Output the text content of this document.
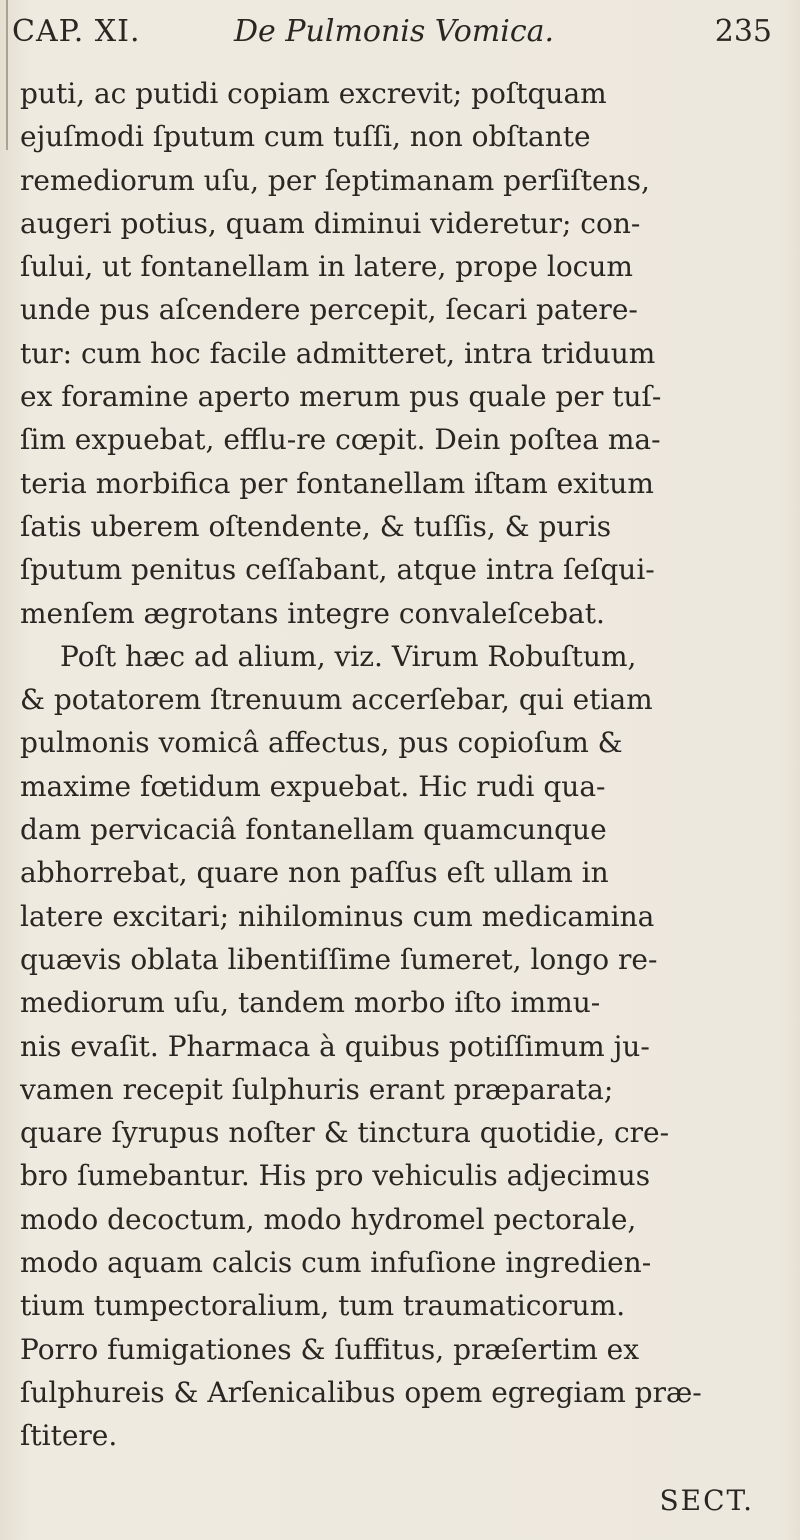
CAP. XI.	De Pulmonis Vomica.	235
puti, ac putidi copiam excrevit; poſtquam
ejuſmodi ſputum cum tuſſi, non obſtante
remediorum uſu, per ſeptimanam perſiſtens,
augeri potius, quam diminui videretur; con-
ſului, ut fontanellam in latere, prope locum
unde pus aſcendere percepit, ſecari patere-
tur: cum hoc facile admitteret, intra triduum
ex foramine aperto merum pus quale per tuſ-
ſim expuebat, efflu-re cœpit. Dein poſtea ma-
teria morbifica per fontanellam iſtam exitum
ſatis uberem oſtendente, & tuſſis, & puris
ſputum penitus ceſſabant, atque intra ſeſqui-
menſem ægrotans integre convaleſcebat.
Poſt hæc ad alium, viz. Virum Robuſtum,
& potatorem ſtrenuum accerſebar, qui etiam
pulmonis vomicâ affectus, pus copioſum &
maxime fœtidum expuebat. Hic rudi qua-
dam pervicaciâ fontanellam quamcunque
abhorrebat, quare non paſſus eſt ullam in
latere excitari; nihilominus cum medicamina
quævis oblata libentiſſime ſumeret, longo re-
mediorum uſu, tandem morbo iſto immu-
nis evaſit. Pharmaca à quibus potiſſimum ju-
vamen recepit ſulphuris erant præparata;
quare ſyrupus noſter & tinctura quotidie, cre-
bro ſumebantur. His pro vehiculis adjecimus
modo decoctum, modo hydromel pectorale,
modo aquam calcis cum infuſione ingredien-
tium tumpectoralium, tum traumaticorum.
Porro fumigationes & ſuffitus, præſertim ex
ſulphureis & Arſenicalibus opem egregiam præ-
ſtitere.
SECT.
